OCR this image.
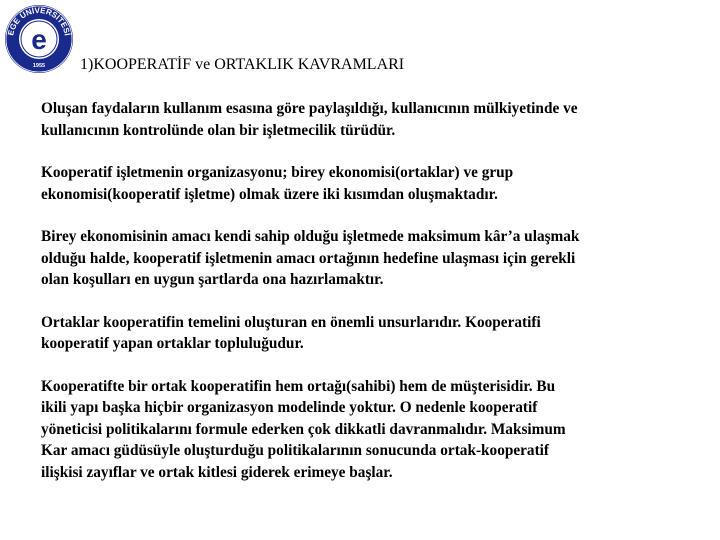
EGE ÜNİVERSİTESİ
e
1955 1)KOOPERATİF ve ORTAKLIK KAVRAMLARI

Oluşan faydaların kullanım esasına göre paylaşıldığı, kullanıcının mülkiyetinde ve
kullanıcının kontrolünde olan bir işletmecilik türüdür.

Kooperatif işletmenin organizasyonu; birey ekonomisi(ortaklar) ve grup
ekonomisi(kooperatif işletme) olmak üzere iki kısımdan oluşmaktadır.

Birey ekonomisinin amacı kendi sahip olduğu işletmede maksimum kâr’a ulaşmak
olduğu halde, kooperatif işletmenin amacı ortağının hedefine ulaşması için gerekli
olan koşulları en uygun şartlarda ona hazırlamaktır.

Ortaklar kooperatifin temelini oluşturan en önemli unsurlarıdır. Kooperatifi
kooperatif yapan ortaklar topluluğudur.

Kooperatifte bir ortak kooperatifin hem ortağı(sahibi) hem de müşterisidir. Bu
ikili yapı başka hiçbir organizasyon modelinde yoktur. O nedenle kooperatif
yöneticisi politikalarını formule ederken çok dikkatli davranmalıdır. Maksimum
Kar amacı güdüsüyle oluşturduğu politikalarının sonucunda ortak-kooperatif
ilişkisi zayıflar ve ortak kitlesi giderek erimeye başlar.
